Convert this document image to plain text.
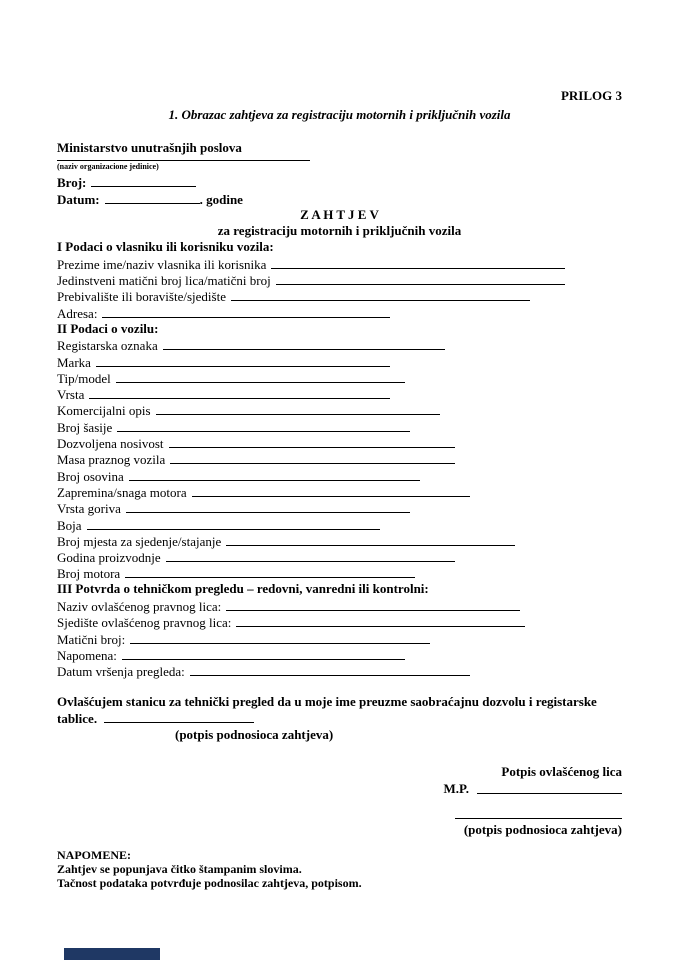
PRILOG 3
1. Obrazac zahtjeva za registraciju motornih i priključnih vozila
Ministarstvo unutrašnjih poslova
(naziv organizacione jedinice)
Broj:
Datum:	. godine
Z A H T J E V
za registraciju motornih i priključnih vozila
I Podaci o vlasniku ili korisniku vozila:
Prezime ime/naziv vlasnika ili korisnika
Jedinstveni matični broj lica/matični broj
Prebivalište ili boravište/sjedište
Adresa:
II Podaci o vozilu:
Registarska oznaka
Marka
Tip/model
Vrsta
Komercijalni opis
Broj šasije
Dozvoljena nosivost
Masa praznog vozila
Broj osovina
Zapremina/snaga motora
Vrsta goriva
Boja
Broj mjesta za sjedenje/stajanje
Godina proizvodnje
Broj motora
III Potvrda o tehničkom pregledu – redovni, vanredni ili kontrolni:
Naziv ovlašćenog pravnog lica:
Sjedište ovlašćenog pravnog lica:
Matični broj:
Napomena:
Datum vršenja pregleda:
Ovlašćujem stanicu za tehnički pregled da u moje ime preuzme saobraćajnu dozvolu i registarske tablice.
(potpis podnosioca zahtjeva)
Potpis ovlašćenog lica
M.P.
(potpis podnosioca zahtjeva)
NAPOMENE:
Zahtjev se popunjava čitko štampanim slovima.
Tačnost podataka potvrđuje podnosilac zahtjeva, potpisom.
